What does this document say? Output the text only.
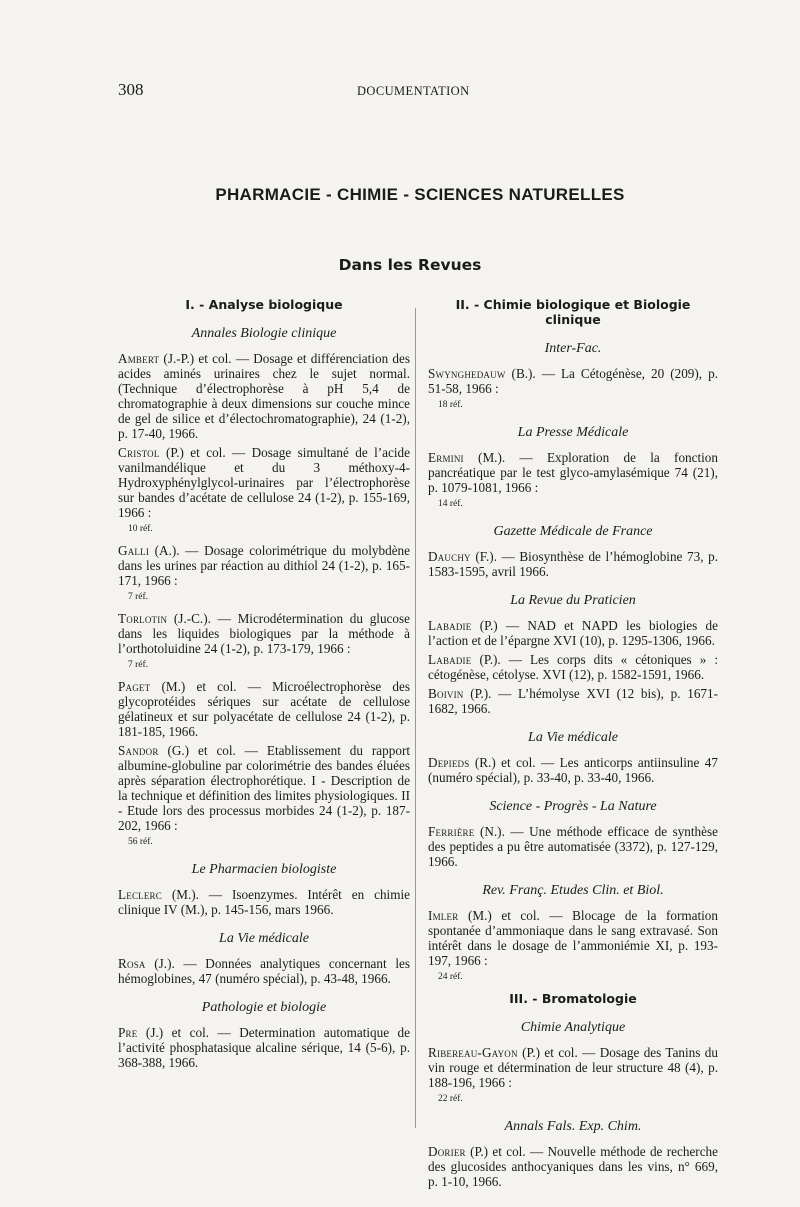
308	DOCUMENTATION
PHARMACIE - CHIMIE - SCIENCES NATURELLES
Dans les Revues
I. - Analyse biologique
Annales Biologie clinique

Ambert (J.-P.) et col. — Dosage et différenciation des acides aminés urinaires chez le sujet normal. (Technique d’électrophorèse à pH 5,4 de chromatographie à deux dimensions sur couche mince de gel de silice et d’électochromatographie), 24 (1-2), p. 17-40, 1966.

Cristol (P.) et col. — Dosage simultané de l’acide vanilmandélique et du 3 méthoxy-4-Hydroxyphénylglycol-urinaires par l’électrophorèse sur bandes d’acétate de cellulose 24 (1-2), p. 155-169, 1966 :

10 réf.

Galli (A.). — Dosage colorimétrique du molybdène dans les urines par réaction au dithiol 24 (1-2), p. 165-171, 1966 :

7 réf.

Torlotin (J.-C.). — Microdétermination du glucose dans les liquides biologiques par la méthode à l’orthotoluidine 24 (1-2), p. 173-179, 1966 :

7 réf.

Paget (M.) et col. — Microélectrophorèse des glycoprotéides sériques sur acétate de cellulose gélatineux et sur polyacétate de cellulose 24 (1-2), p. 181-185, 1966.

Sandor (G.) et col. — Etablissement du rapport albumine-globuline par colorimétrie des bandes éluées après séparation électrophorétique. I - Description de la technique et définition des limites physiologiques. II - Etude lors des processus morbides 24 (1-2), p. 187-202, 1966 :

56 réf.
Le Pharmacien biologiste

Leclerc (M.). — Isoenzymes. Intérêt en chimie clinique IV (M.), p. 145-156, mars 1966.

La Vie médicale

Rosa (J.). — Données analytiques concernant les hémoglobines, 47 (numéro spécial), p. 43-48, 1966.

Pathologie et biologie

Pre (J.) et col. — Determination automatique de l’activité phosphatasique alcaline sérique, 14 (5-6), p. 368-388, 1966.

II. - Chimie biologique et Biologie clinique
Inter-Fac.

Swynghedauw (B.). — La Cétogénèse, 20 (209), p. 51-58, 1966 :

18 réf.
La Presse Médicale

Ermini (M.). — Exploration de la fonction pancréatique par le test glyco-amylasémique 74 (21), p. 1079-1081, 1966 :

14 réf.
Gazette Médicale de France

Dauchy (F.). — Biosynthèse de l’hémoglobine 73, p. 1583-1595, avril 1966.

La Revue du Praticien

Labadie (P.) — NAD et NAPD les biologies de l’action et de l’épargne XVI (10), p. 1295-1306, 1966.

Labadie (P.). — Les corps dits « cétoniques » : cétogénèse, cétolyse. XVI (12), p. 1582-1591, 1966.

Boivin (P.). — L’hémolyse XVI (12 bis), p. 1671-1682, 1966.

La Vie médicale

Depieds (R.) et col. — Les anticorps antiinsuline 47 (numéro spécial), p. 33-40, p. 33-40, 1966.

Science - Progrès - La Nature

Ferrière (N.). — Une méthode efficace de synthèse des peptides a pu être automatisée (3372), p. 127-129, 1966.

Rev. Franç. Etudes Clin. et Biol.

Imler (M.) et col. — Blocage de la formation spontanée d’ammoniaque dans le sang extravasé. Son intérêt dans le dosage de l’ammoniémie XI, p. 193-197, 1966 :

24 réf.
III. - Bromatologie
Chimie Analytique

Ribereau-Gayon (P.) et col. — Dosage des Tanins du vin rouge et détermination de leur structure 48 (4), p. 188-196, 1966 :

22 réf.
Annals Fals. Exp. Chim.

Dorier (P.) et col. — Nouvelle méthode de recherche des glucosides anthocyaniques dans les vins, n° 669, p. 1-10, 1966.
